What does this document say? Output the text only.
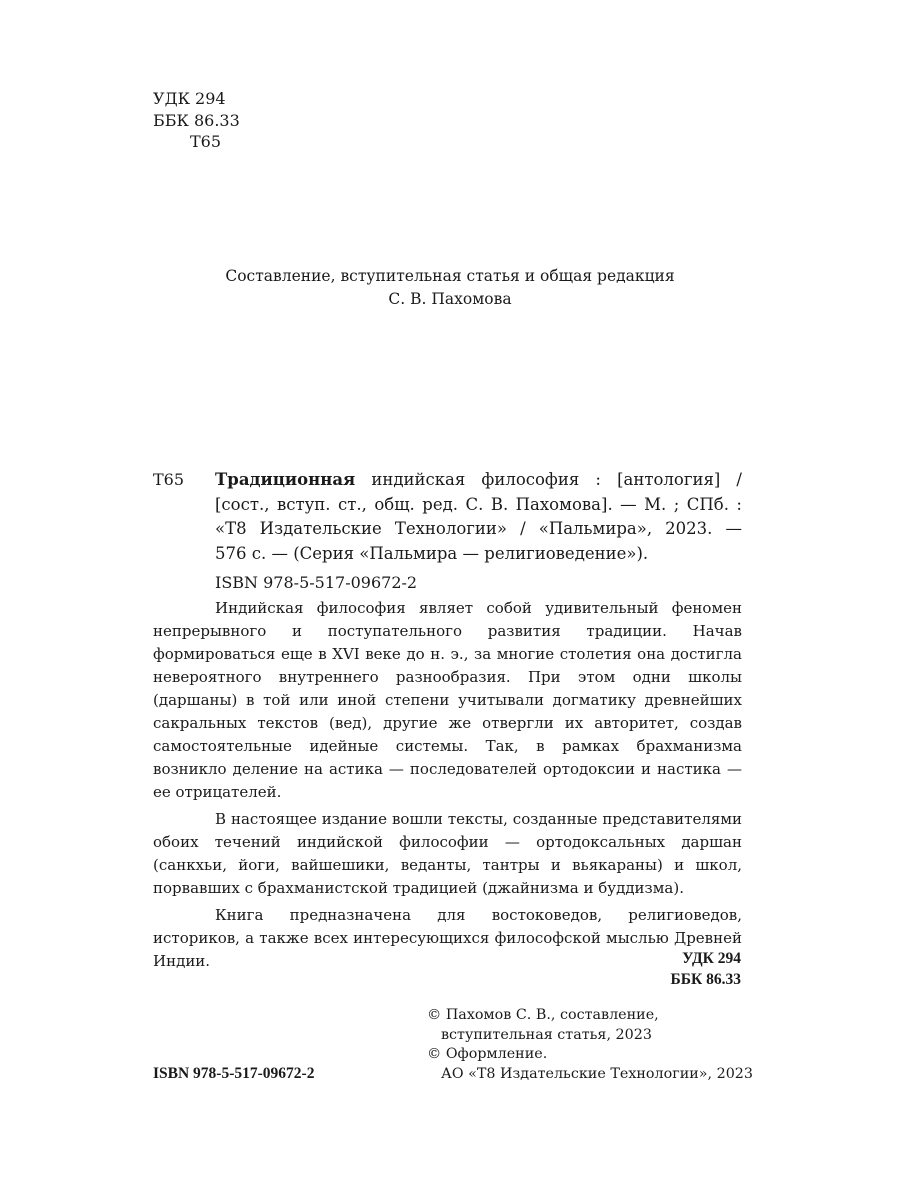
УДК 294
ББК 86.33
Т65
Составление, вступительная статья и общая редакция
С. В. Пахомова
Т65 Традиционная индийская философия : [антология] /
[сост., вступ. ст., общ. ред. С. В. Пахомова]. — М. ; СПб. :
«Т8 Издательские Технологии» / «Пальмира», 2023. —
576 с. — (Серия «Пальмира — религиоведение»).
ISBN 978-5-517-09672-2

Индийская философия являет собой удивительный феномен непрерывного и поступательного развития традиции. Начав формироваться еще в XVI веке до н. э., за многие столетия она достигла невероятного внутреннего разнообразия. При этом одни школы (даршаны) в той или иной степени учитывали догматику древнейших сакральных текстов (вед), другие же отвергли их авторитет, создав самостоятельные идейные системы. Так, в рамках брахманизма возникло деление на астика — последователей ортодоксии и настика — ее отрицателей.

В настоящее издание вошли тексты, созданные представителями обоих течений индийской философии — ортодоксальных даршан (санкхьи, йоги, вайшешики, веданты, тантры и вьякараны) и школ, порвавших с брахманистской традицией (джайнизма и буддизма).

Книга предназначена для востоковедов, религиоведов, историков, а также всех интересующихся философской мыслью Древней Индии.	УДК 294
ББК 86.33
© Пахомов С. В., составление,
вступительная статья, 2023
© Оформление.
АО «Т8 Издательские Технологии», 2023
ISBN 978-5-517-09672-2
